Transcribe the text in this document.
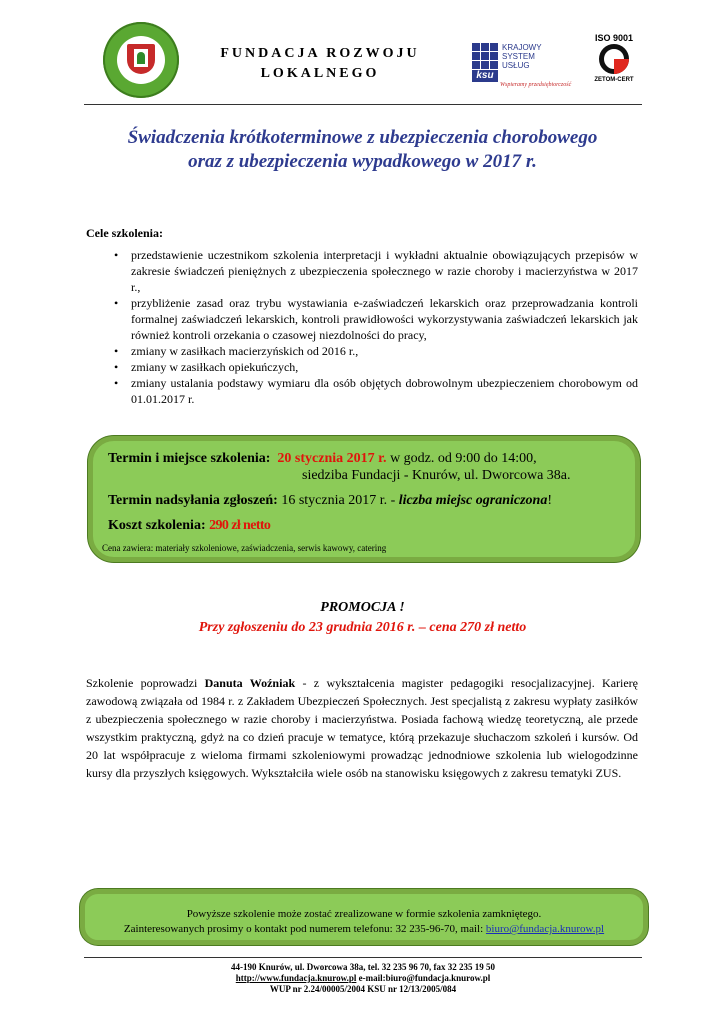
FUNDACJA ROZWOJU
LOKALNEGO	ksu
KRAJOWY
SYSTEM
USŁUG
Wspieramy przedsiębiorczość
ISO 9001
ZETOM-CERT
Świadczenia krótkoterminowe z ubezpieczenia chorobowego
oraz z ubezpieczenia wypadkowego w 2017 r.
Cele szkolenia:
• przedstawienie uczestnikom szkolenia interpretacji i wykładni aktualnie obowiązujących przepisów w zakresie świadczeń pieniężnych z ubezpieczenia społecznego w razie choroby i macierzyństwa w 2017 r.,
• przybliżenie zasad oraz trybu wystawiania e-zaświadczeń lekarskich oraz przeprowadzania kontroli formalnej zaświadczeń lekarskich, kontroli prawidłowości wykorzystywania zaświadczeń lekarskich jak również kontroli orzekania o czasowej niezdolności do pracy,
• zmiany w zasiłkach macierzyńskich od 2016 r.,
• zmiany w zasiłkach opiekuńczych,
• zmiany ustalania podstawy wymiaru dla osób objętych dobrowolnym ubezpieczeniem chorobowym od 01.01.2017 r.
Termin i miejsce szkolenia: 20 stycznia 2017 r. w godz. od 9:00 do 14:00,
siedziba Fundacji - Knurów, ul. Dworcowa 38a.
Termin nadsyłania zgłoszeń: 16 stycznia 2017 r. - liczba miejsc ograniczona!
Koszt szkolenia: 290 zł netto
Cena zawiera: materiały szkoleniowe, zaświadczenia, serwis kawowy, catering
PROMOCJA !
Przy zgłoszeniu do 23 grudnia 2016 r. – cena 270 zł netto
Szkolenie poprowadzi Danuta Woźniak - z wykształcenia magister pedagogiki resocjalizacyjnej. Karierę zawodową związała od 1984 r. z Zakładem Ubezpieczeń Społecznych. Jest specjalistą z zakresu wypłaty zasiłków z ubezpieczenia społecznego w razie choroby i macierzyństwa. Posiada fachową wiedzę teoretyczną, ale przede wszystkim praktyczną, gdyż na co dzień pracuje w tematyce, którą przekazuje słuchaczom szkoleń i kursów. Od 20 lat współpracuje z wieloma firmami szkoleniowymi prowadząc jednodniowe szkolenia lub wielogodzinne kursy dla przyszłych księgowych. Wykształciła wiele osób na stanowisku księgowych z zakresu tematyki ZUS.
Powyższe szkolenie może zostać zrealizowane w formie szkolenia zamkniętego.
Zainteresowanych prosimy o kontakt pod numerem telefonu: 32 235-96-70, mail: biuro@fundacja.knurow.pl
44-190 Knurów, ul. Dworcowa 38a, tel. 32 235 96 70, fax 32 235 19 50
http://www.fundacja.knurow.pl e-mail:biuro@fundacja.knurow.pl
WUP nr 2.24/00005/2004 KSU nr 12/13/2005/084
